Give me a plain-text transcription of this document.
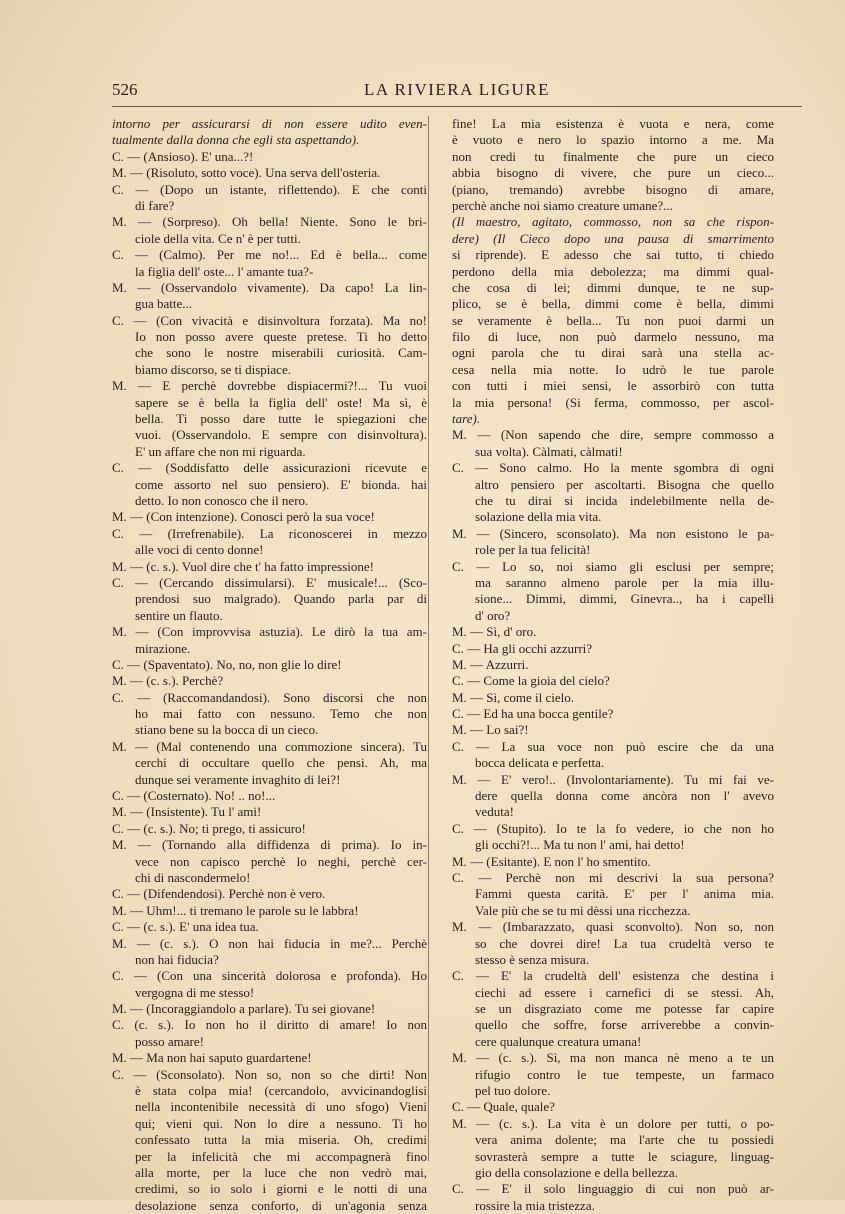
526	LA RIVIERA LIGURE
intorno per assicurarsi di non essere udito even-
tualmente dalla donna che egli sta aspettando).
C. — (Ansioso). E' una...?!
M. — (Risoluto, sotto voce). Una serva dell'osteria.
C. — (Dopo un istante, riflettendo). E che conti
di fare?
M. — (Sorpreso). Oh bella! Niente. Sono le bri-
ciole della vita. Ce n' è per tutti.
C. — (Calmo). Per me no!... Ed è bella... come
la figlia dell' oste... l' amante tua?-
M. — (Osservandolo vivamente). Da capo! La lin-
gua batte...
C. — (Con vivacità e disinvoltura forzata). Ma no!
Io non posso avere queste pretese. Ti ho detto
che sono le nostre miserabili curiosità. Cam-
biamo discorso, se ti dispiace.
M. — E perchè dovrebbe dispiacermi?!... Tu vuoi
sapere se è bella la figlia dell' oste! Ma sì, è
bella. Ti posso dare tutte le spiegazioni che
vuoi. (Osservandolo. E sempre con disinvoltura).
E' un affare che non mi riguarda.
C. — (Soddisfatto delle assicurazioni ricevute e
come assorto nel suo pensiero). E' bionda. hai
detto. Io non conosco che il nero.
M. — (Con intenzione). Conosci però la sua voce!
C. — (Irrefrenabile). La riconoscerei in mezzo
alle voci di cento donne!
M. — (c. s.). Vuol dire che t' ha fatto impressione!
C. — (Cercando dissimularsi). E' musicale!... (Sco-
prendosi suo malgrado). Quando parla par di
sentire un flauto.
M. — (Con improvvisa astuzia). Le dirò la tua am-
mirazione.
C. — (Spaventato). No, no, non glie lo dire!
M. — (c. s.). Perchè?
C. — (Raccomandandosi). Sono discorsi che non
ho mai fatto con nessuno. Temo che non
stiano bene su la bocca di un cieco.
M. — (Mal contenendo una commozione sincera). Tu
cerchi di occultare quello che pensi. Ah, ma
dunque sei veramente invaghito di lei?!
C. — (Costernato). No! .. no!...
M. — (Insistente). Tu l' ami!
C. — (c. s.). No; ti prego, ti assicuro!
M. — (Tornando alla diffidenza di prima). Io in-
vece non capisco perchè lo neghi, perchè cer-
chi di nascondermelo!
C. — (Difendendosi). Perchè non è vero.
M. — Uhm!... ti tremano le parole su le labbra!
C. — (c. s.). E' una idea tua.
M. — (c. s.). O non hai fiducia in me?... Perchè
non hai fiducia?
C. — (Con una sincerità dolorosa e profonda). Ho
vergogna di me stesso!
M. — (Incoraggiandolo a parlare). Tu sei giovane!
C. (c. s.). Io non ho il diritto di amare! Io non
posso amare!
M. — Ma non hai saputo guardartene!
C. — (Sconsolato). Non so, non so che dirti! Non
è stata colpa mia! (cercandolo, avvicinandoglisi
nella incontenibile necessità di uno sfogo) Vieni
qui; vieni qui. Non lo dire a nessuno. Ti ho
confessato tutta la mia miseria. Oh, credimi
per la infelicità che mi accompagnerà fino
alla morte, per la luce che non vedrò mai,
credimi, so io solo i giorni e le notti di una
desolazione senza conforto, di un'agonia senza
fine! La mia esistenza è vuota e nera, come
è vuoto e nero lo spazio intorno a me. Ma
non credi tu finalmente che pure un cieco
abbia bisogno di vivere, che pure un cieco...
(piano, tremando) avrebbe bisogno di amare,
perchè anche noi siamo creature umane?...
(Il maestro, agitato, commosso, non sa che rispon-
dere) (Il Cieco dopo una pausa di smarrimento
si riprende). E adesso che sai tutto, ti chiedo
perdono della mia debolezza; ma dimmi qual-
che cosa di lei; dimmi dunque, te ne sup-
plico, se è bella, dimmi come è bella, dimmi
se veramente è bella... Tu non puoi darmi un
filo di luce, non può darmelo nessuno, ma
ogni parola che tu dirai sarà una stella ac-
cesa nella mia notte. Io udrò le tue parole
con tutti i miei sensi, le assorbirò con tutta
la mia persona! (Si ferma, commosso, per ascol-
tare).
M. — (Non sapendo che dire, sempre commosso a
sua volta). Càlmati, càlmati!
C. — Sono calmo. Ho la mente sgombra di ogni
altro pensiero per ascoltarti. Bisogna che quello
che tu dirai si incida indelebilmente nella de-
solazione della mia vita.
M. — (Sincero, sconsolato). Ma non esistono le pa-
role per la tua felicità!
C. — Lo so, noi siamo gli esclusi per sempre;
ma saranno almeno parole per la mia illu-
sione... Dimmi, dimmi, Ginevra.., ha i capelli
d' oro?
M. — Sì, d' oro.
C. — Ha gli occhi azzurri?
M. — Azzurri.
C. — Come la gioia del cielo?
M. — Sì, come il cielo.
C. — Ed ha una bocca gentile?
M. — Lo sai?!
C. — La sua voce non può escire che da una
bocca delicata e perfetta.
M. — E' vero!.. (Involontariamente). Tu mi fai ve-
dere quella donna come ancòra non l' avevo
veduta!
C. — (Stupito). Io te la fo vedere, io che non ho
gli occhi?!... Ma tu non l' ami, hai detto!
M. — (Esitante). E non l' ho smentito.
C. — Perchè non mi descrivi la sua persona?
Fammi questa carità. E' per l' anima mia.
Vale più che se tu mi dèssi una ricchezza.
M. — (Imbarazzato, quasi sconvolto). Non so, non
so che dovrei dire! La tua crudeltà verso te
stesso è senza misura.
C. — E' la crudeltà dell' esistenza che destina i
ciechi ad essere i carnefici di se stessi. Ah,
se un disgraziato come me potesse far capire
quello che soffre, forse arriverebbe a convin-
cere qualunque creatura umana!
M. — (c. s.). Sì, ma non manca nè meno a te un
rifugio contro le tue tempeste, un farmaco
pel tuo dolore.
C. — Quale, quale?
M. — (c. s.). La vita è un dolore per tutti, o po-
vera anima dolente; ma l'arte che tu possiedi
sovrasterà sempre a tutte le sciagure, linguag-
gio della consolazione e della bellezza.
C. — E' il solo linguaggio di cui non può ar-
rossire la mia tristezza.
